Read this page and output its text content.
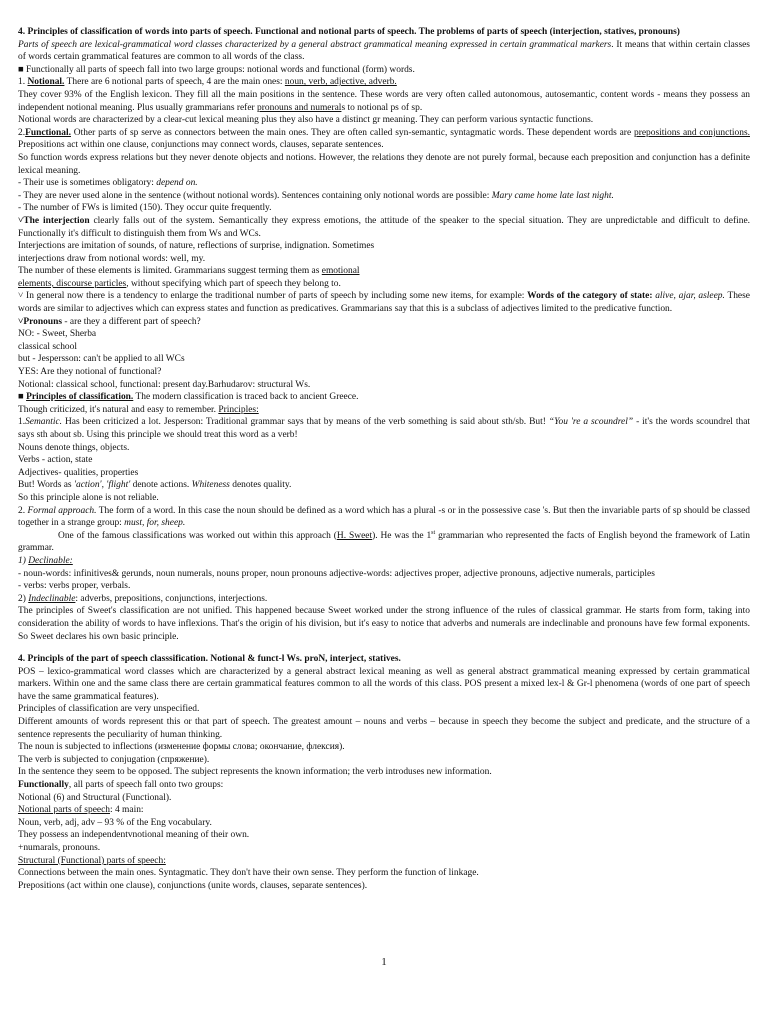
4. Principles of classification of words into parts of speech. Functional and notional parts of speech. The problems of parts of speech (interjection, statives, pronouns)

Parts of speech are lexical-grammatical word classes characterized by a general abstract grammatical meaning expressed in certain grammatical markers. It means that within certain classes of words certain grammatical features are common to all words of the class.

■ Functionally all parts of speech fall into two large groups: notional words and functional (form) words.

1. Notional. There are 6 notional parts of speech, 4 are the main ones: noun, verb, adjective, adverb.

They cover 93% of the English lexicon. They fill all the main positions in the sentence. These words are very often called autonomous, autosemantic, content words - means they possess an independent notional meaning. Plus usually grammarians refer pronouns and numerals to notional ps of sp.

Notional words are characterized by a clear-cut lexical meaning plus they also have a distinct gr meaning. They can perform various syntactic functions.

2.Functional. Other parts of sp serve as connectors between the main ones. They are often called syn-semantic, syntagmatic words. These dependent words are prepositions and conjunctions. Prepositions act within one clause, conjunctions may connect words, clauses, separate sentences.

So function words express relations but they never denote objects and notions. However, the relations they denote are not purely formal, because each preposition and conjunction has a definite lexical meaning.

- Their use is sometimes obligatory: depend on.

- They are never used alone in the sentence (without notional words). Sentences containing only notional words are possible: Mary came home late last night.

- The number of FWs is limited (150). They occur quite frequently.

˅The interjection clearly falls out of the system. Semantically they express emotions, the attitude of the speaker to the special situation. They are unpredictable and difficult to define. Functionally it's difficult to distinguish them from Ws and WCs.

Interjections are imitation of sounds, of nature, reflections of surprise, indignation. Sometimes

interjections draw from notional words: well, my.

The number of these elements is limited. Grammarians suggest terming them as emotional

elements, discourse particles, without specifying which part of speech they belong to.

˅ In general now there is a tendency to enlarge the traditional number of parts of speech by including some new items, for example: Words of the category of state: alive, ajar, asleep. These words are similar to adjectives which can express states and function as predicatives. Grammarians say that this is a subclass of adjectives limited to the predicative function.

˅Pronouns - are they a different part of speech?

NO: - Sweet, Sherba

classical school

but - Jespersson: can't be applied to all WCs

YES: Are they notional of functional?

Notional: classical school, functional: present day.Barhudarov: structural Ws.

■ Principles of classification. The modern classification is traced back to ancient Greece.

Though criticized, it's natural and easy to remember. Principles:

1.Semantic. Has been criticized a lot. Jesperson: Traditional grammar says that by means of the verb something is said about sth/sb. But! “You 're a scoundrel” - it's the words scoundrel that says sth about sb. Using this principle we should treat this word as a verb!

Nouns denote things, objects.

Verbs - action, state

Adjectives- qualities, properties

But! Words as 'action', 'flight' denote actions. Whiteness denotes quality.

So this principle alone is not reliable.

2. Formal approach. The form of a word. In this case the noun should be defined as a word which has a plural -s or in the possessive case 's. But then the invariable parts of sp should be classed together in a strange group: must, for, sheep.

One of the famous classifications was worked out within this approach (H. Sweet). He was the 1st grammarian who represented the facts of English beyond the framework of Latin grammar.

1) Declinable:

- noun-words: infinitives& gerunds, noun numerals, nouns proper, noun pronouns adjective-words: adjectives proper, adjective pronouns, adjective numerals, participles

- verbs: verbs proper, verbals.

2) Indeclinable: adverbs, prepositions, conjunctions, interjections.

The principles of Sweet's classification are not unified. This happened because Sweet worked under the strong influence of the rules of classical grammar. He starts from form, taking into consideration the ability of words to have inflexions. That's the origin of his division, but it's easy to notice that adverbs and numerals are indeclinable and pronouns have few formal exponents. So Sweet declares his own basic principle.

4. Principls of the part of speech classsification. Notional & funct-l Ws. proN, interject, statives.

POS – lexico-grammatical word classes which are characterized by a general abstract lexical meaning as well as general abstract grammatical meaning expressed by certain grammatical markers. Within one and the same class there are certain grammatical features common to all the words of this class. POS present a mixed lex-l & Gr-l phenomena (words of one part of speech have the same grammatical features).

Principles of classification are very unspecified.

Different amounts of words represent this or that part of speech. The greatest amount – nouns and verbs – because in speech they become the subject and predicate, and the structure of a sentence represents the peculiarity of human thinking.

The noun is subjected to inflections (изменение формы слова; окончание, флексия).

The verb is subjected to conjugation (спряжение).

In the sentence they seem to be opposed. The subject represents the known information; the verb introduses new information.

Functionally, all parts of speech fall onto two groups:

Notional (6) and Structural (Functional).

Notional parts of speech: 4 main:

Noun, verb, adj, adv – 93 % of the Eng vocabulary.

They possess an independentvnotional meaning of their own.

+numarals, pronouns.

Structural (Functional) parts of speech:

Connections between the main ones. Syntagmatic. They don't have their own sense. They perform the function of linkage.

Prepositions (act within one clause), conjunctions (unite words, clauses, separate sentences).

1
